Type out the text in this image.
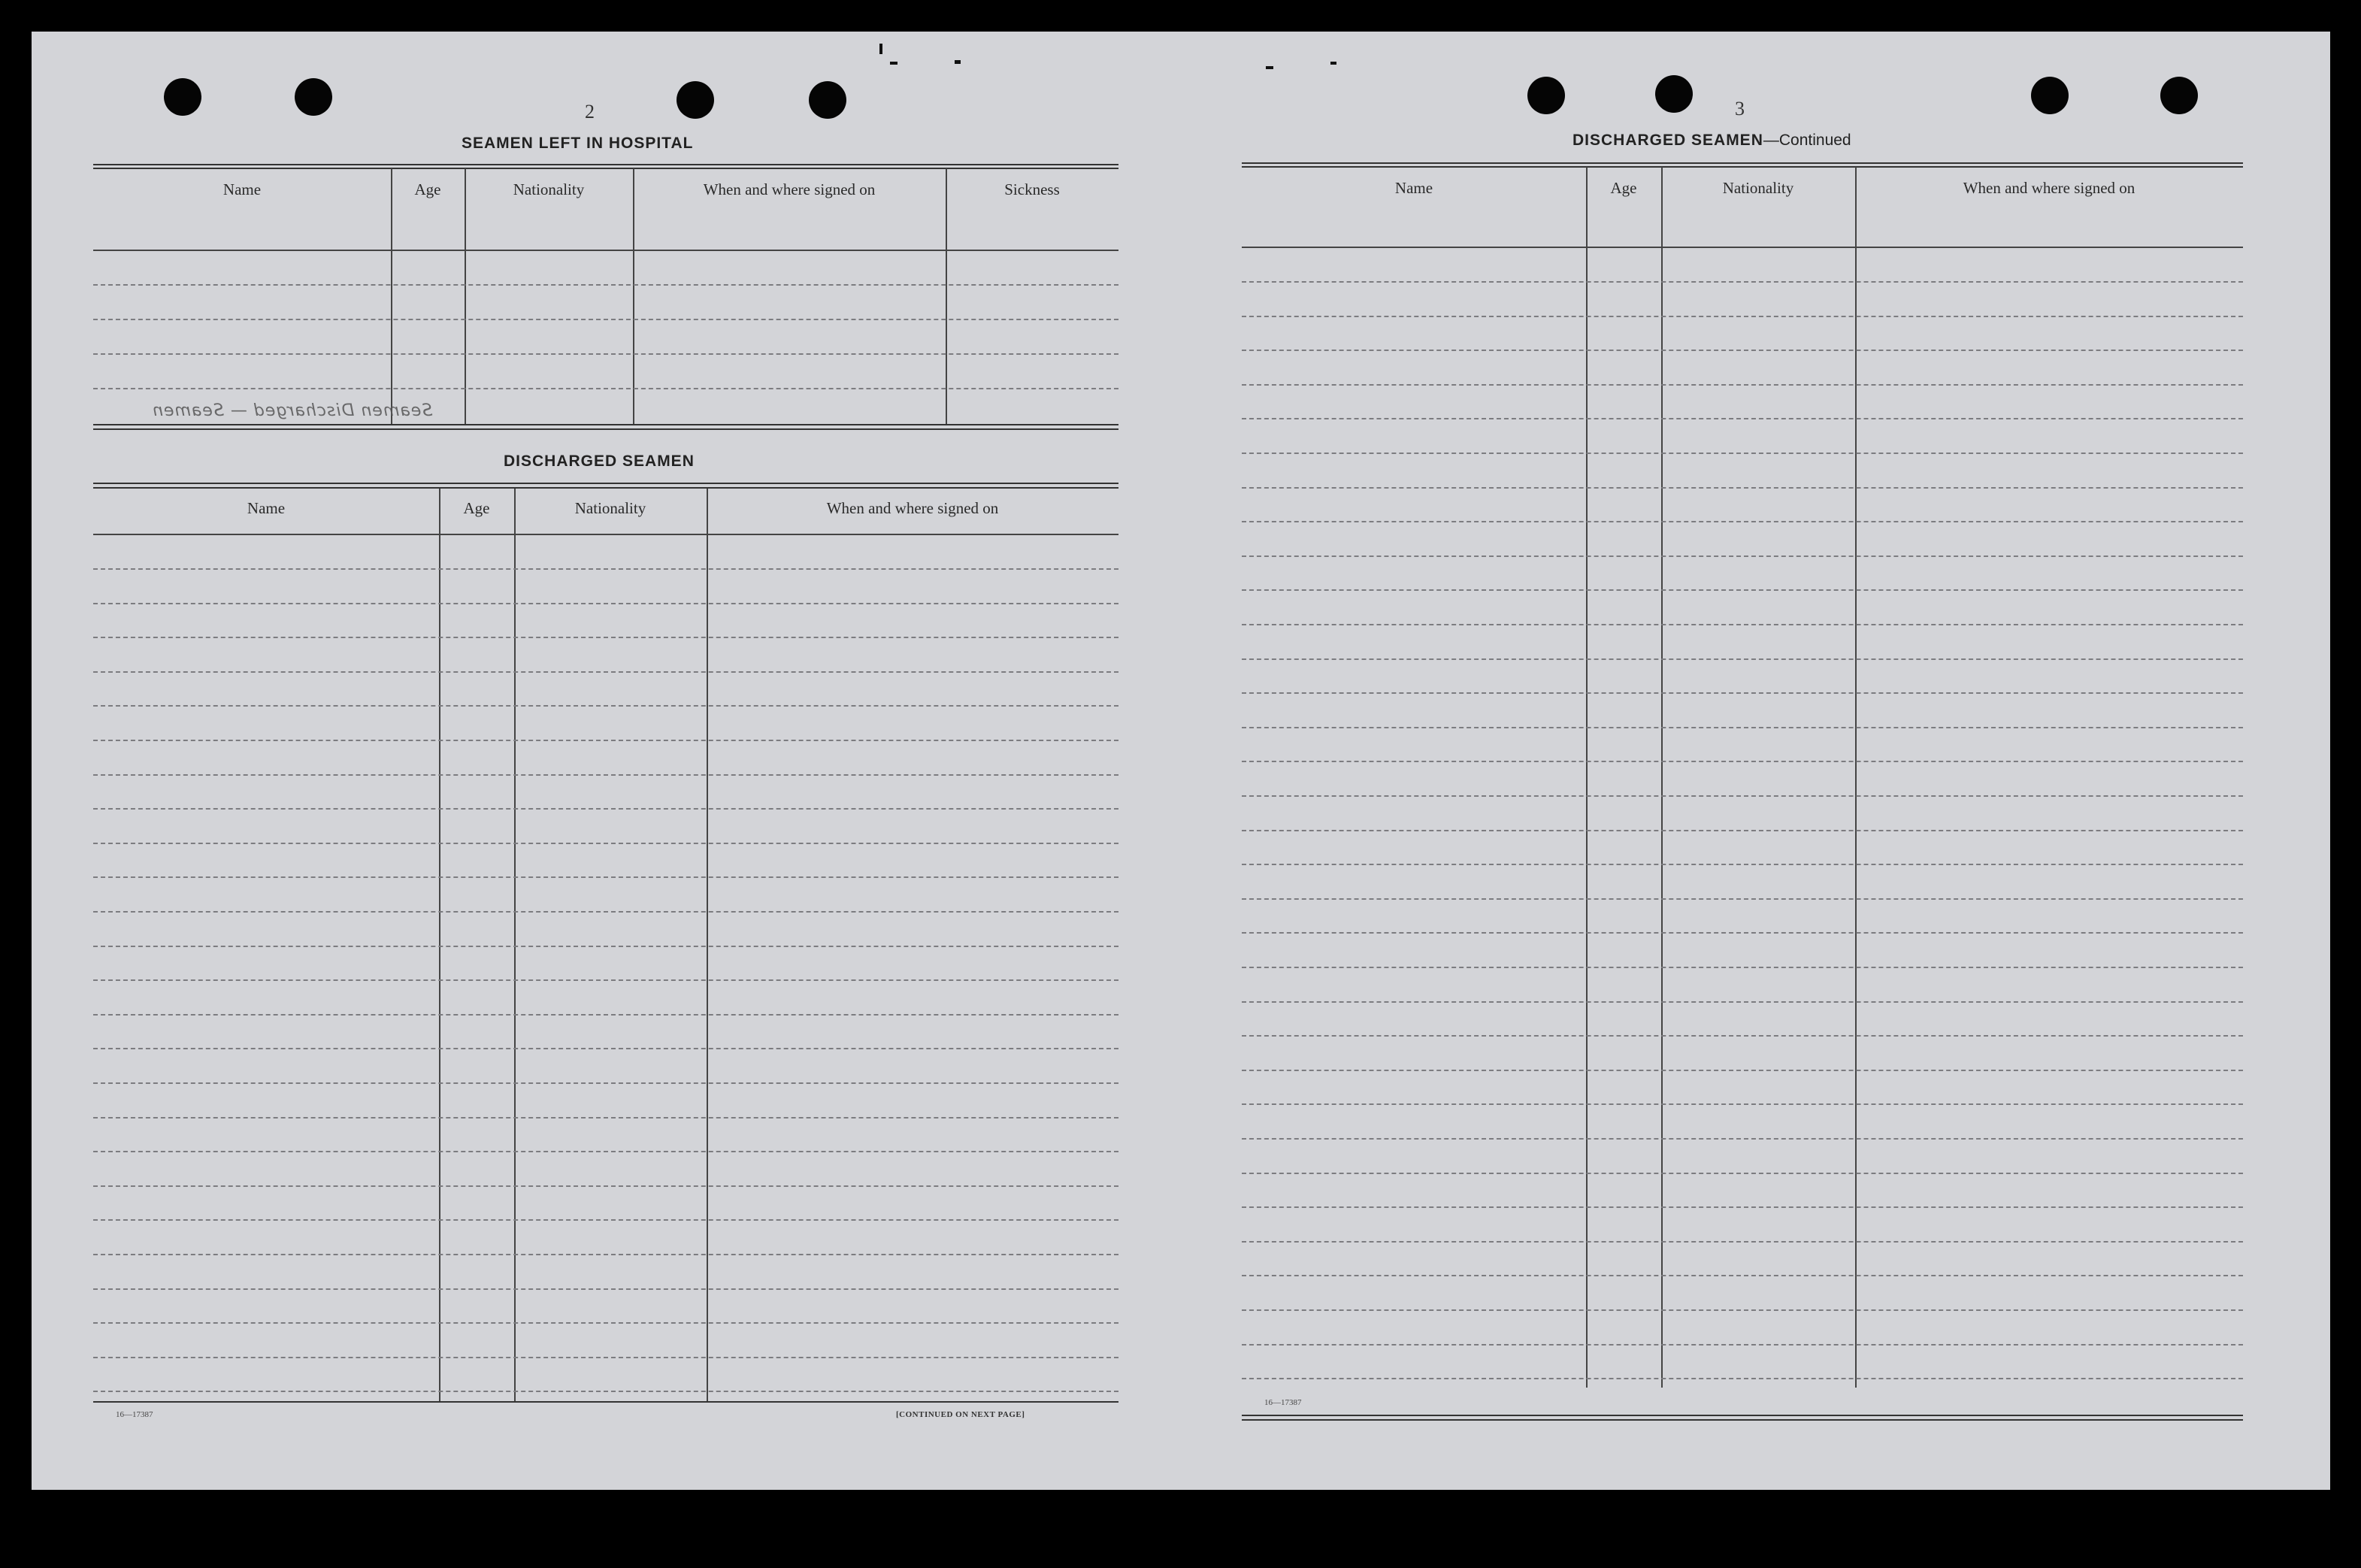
2
SEAMEN LEFT IN HOSPITAL
Name	Age	Nationality	When and where signed on	Sickness
Seamen Discharged — Seamen
DISCHARGED SEAMEN
Name	Age	Nationality	When and where signed on
16—17387	[CONTINUED ON NEXT PAGE]
3
DISCHARGED SEAMEN—Continued
Name	Age	Nationality	When and where signed on
16—17387
